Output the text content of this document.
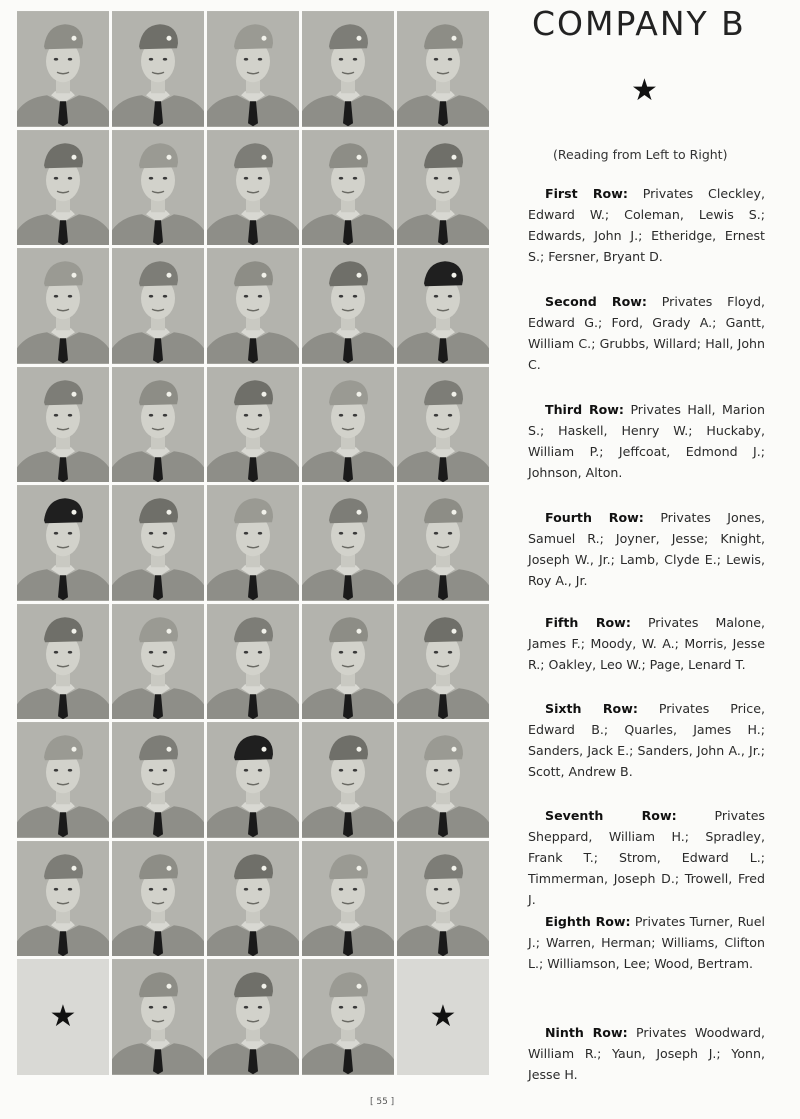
★	★
COMPANY B
★
(Reading from Left to Right)
First Row: Privates Cleckley, Edward W.; Coleman, Lewis S.; Edwards, John J.; Etheridge, Ernest S.; Fersner, Bryant D.
Second Row: Privates Floyd, Edward G.; Ford, Grady A.; Gantt, William C.; Grubbs, Willard; Hall, John C.
Third Row: Privates Hall, Marion S.; Haskell, Henry W.; Huckaby, William P.; Jeffcoat, Edmond J.; Johnson, Alton.
Fourth Row: Privates Jones, Samuel R.; Joyner, Jesse; Knight, Joseph W., Jr.; Lamb, Clyde E.; Lewis, Roy A., Jr.
Fifth Row: Privates Malone, James F.; Moody, W. A.; Morris, Jesse R.; Oakley, Leo W.; Page, Lenard T.
Sixth Row: Privates Price, Edward B.; Quarles, James H.; Sanders, Jack E.; Sanders, John A., Jr.; Scott, Andrew B.
Seventh Row:	Privates Sheppard, William H.; Spradley, Frank T.; Strom, Edward L.; Timmerman, Joseph D.; Trowell, Fred J.
Eighth Row: Privates Turner, Ruel J.; Warren, Herman; Williams, Clifton L.; Williamson, Lee; Wood, Bertram.
Ninth Row: Privates Woodward, William R.; Yaun, Joseph J.; Yonn, Jesse H.
[ 55 ]
